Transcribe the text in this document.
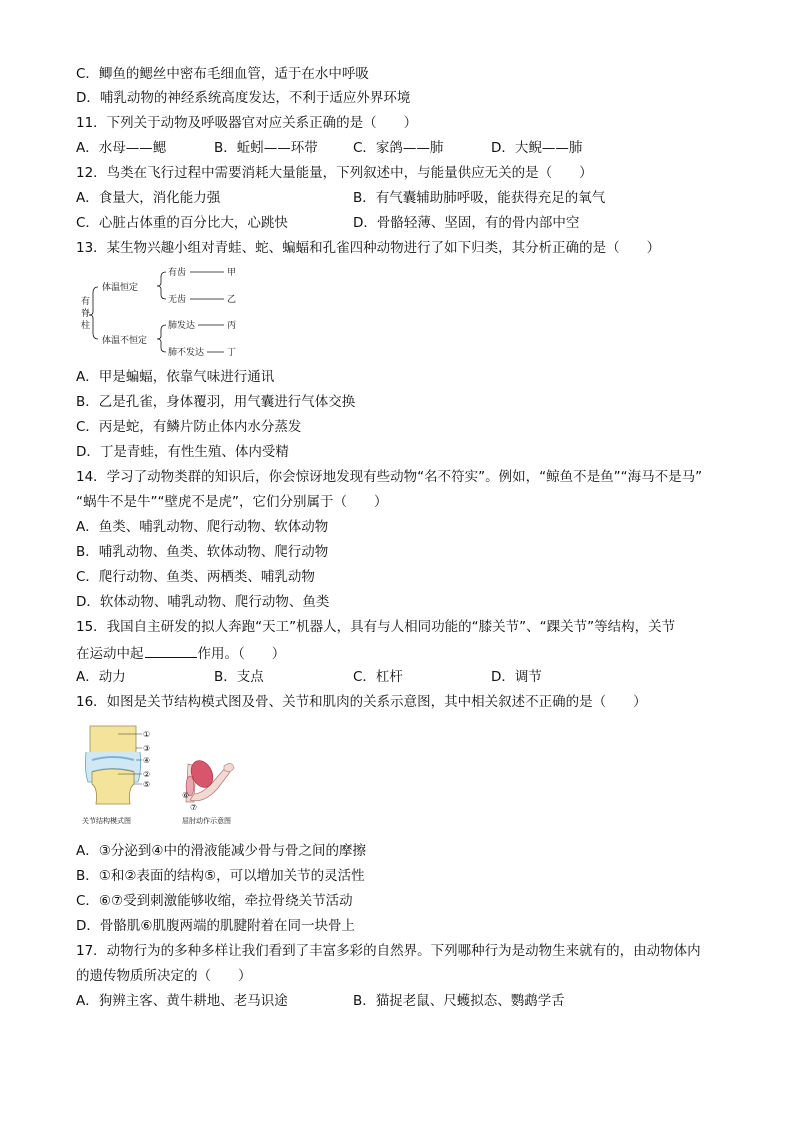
C．鲫鱼的鳃丝中密布毛细血管，适于在水中呼吸
D．哺乳动物的神经系统高度发达，不利于适应外界环境
11．下列关于动物及呼吸器官对应关系正确的是（　　）
A．水母——鳃	B．蚯蚓——环带	C．家鸽——肺	D．大鲵——肺
12．鸟类在飞行过程中需要消耗大量能量，下列叙述中，与能量供应无关的是（　　）
A．食量大，消化能力强	B．有气囊辅助肺呼吸，能获得充足的氧气
C．心脏占体重的百分比大，心跳快	D．骨骼轻薄、坚固，有的骨内部中空
13．某生物兴趣小组对青蛙、蛇、蝙蝠和孔雀四种动物进行了如下归类，其分析正确的是（　　）
有
脊
柱
体温恒定
体温不恒定
有齿	甲
无齿	乙
肺发达	丙
肺不发达	丁
A．甲是蝙蝠，依靠气味进行通讯
B．乙是孔雀，身体覆羽，用气囊进行气体交换
C．丙是蛇，有鳞片防止体内水分蒸发
D．丁是青蛙，有性生殖、体内受精
14．学习了动物类群的知识后，你会惊讶地发现有些动物“名不符实”。例如，“鲸鱼不是鱼”“海马不是马”
“蜗牛不是牛”“壁虎不是虎”，它们分别属于（　　）
A．鱼类、哺乳动物、爬行动物、软体动物
B．哺乳动物、鱼类、软体动物、爬行动物
C．爬行动物、鱼类、两栖类、哺乳动物
D．软体动物、哺乳动物、爬行动物、鱼类
15．我国自主研发的拟人奔跑“天工”机器人，具有与人相同功能的“膝关节”、“踝关节”等结构，关节
在运动中起	作用。（　　）
A．动力	B．支点	C．杠杆	D．调节
16．如图是关节结构模式图及骨、关节和肌肉的关系示意图，其中相关叙述不正确的是（　　）
①
③
④
②
⑤
关节结构模式图
⑥
⑦
屈肘动作示意图
A．③分泌到④中的滑液能减少骨与骨之间的摩擦
B．①和②表面的结构⑤，可以增加关节的灵活性
C．⑥⑦受到刺激能够收缩，牵拉骨绕关节活动
D．骨骼肌⑥肌腹两端的肌腱附着在同一块骨上
17．动物行为的多种多样让我们看到了丰富多彩的自然界。下列哪种行为是动物生来就有的，由动物体内
的遗传物质所决定的（　　）
A．狗辨主客、黄牛耕地、老马识途	B．猫捉老鼠、尺蠖拟态、鹦鹉学舌
